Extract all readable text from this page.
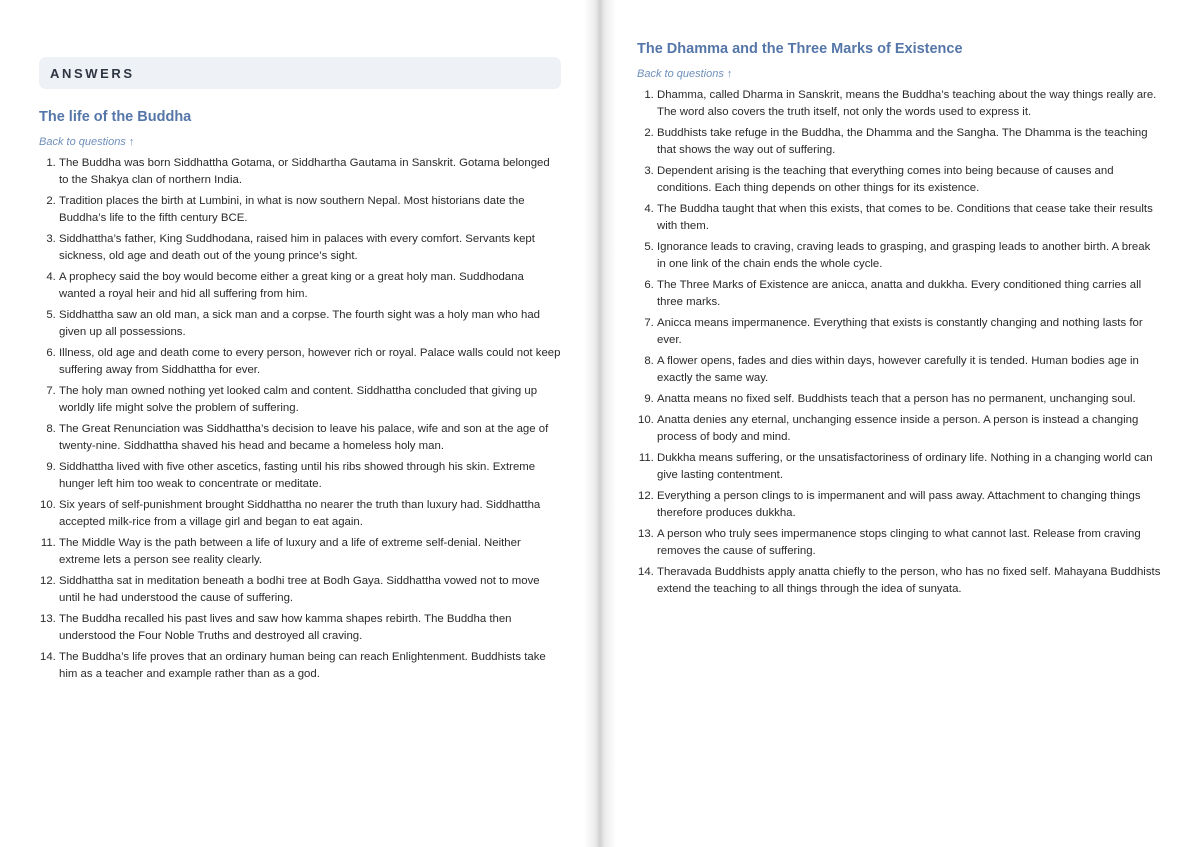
ANSWERS
The life of the Buddha
Back to questions ↑
1. The Buddha was born Siddhattha Gotama, or Siddhartha Gautama in Sanskrit. Gotama belonged to the Shakya clan of northern India.
2. Tradition places the birth at Lumbini, in what is now southern Nepal. Most historians date the Buddha’s life to the fifth century BCE.
3. Siddhattha’s father, King Suddhodana, raised him in palaces with every comfort. Servants kept sickness, old age and death out of the young prince’s sight.
4. A prophecy said the boy would become either a great king or a great holy man. Suddhodana wanted a royal heir and hid all suffering from him.
5. Siddhattha saw an old man, a sick man and a corpse. The fourth sight was a holy man who had given up all possessions.
6. Illness, old age and death come to every person, however rich or royal. Palace walls could not keep suffering away from Siddhattha for ever.
7. The holy man owned nothing yet looked calm and content. Siddhattha concluded that giving up worldly life might solve the problem of suffering.
8. The Great Renunciation was Siddhattha’s decision to leave his palace, wife and son at the age of twenty-nine. Siddhattha shaved his head and became a homeless holy man.
9. Siddhattha lived with five other ascetics, fasting until his ribs showed through his skin. Extreme hunger left him too weak to concentrate or meditate.
10. Six years of self-punishment brought Siddhattha no nearer the truth than luxury had. Siddhattha accepted milk-rice from a village girl and began to eat again.
11. The Middle Way is the path between a life of luxury and a life of extreme self-denial. Neither extreme lets a person see reality clearly.
12. Siddhattha sat in meditation beneath a bodhi tree at Bodh Gaya. Siddhattha vowed not to move until he had understood the cause of suffering.
13. The Buddha recalled his past lives and saw how kamma shapes rebirth. The Buddha then understood the Four Noble Truths and destroyed all craving.
14. The Buddha’s life proves that an ordinary human being can reach Enlightenment. Buddhists take him as a teacher and example rather than as a god.
The Dhamma and the Three Marks of Existence
Back to questions ↑
1. Dhamma, called Dharma in Sanskrit, means the Buddha’s teaching about the way things really are. The word also covers the truth itself, not only the words used to express it.
2. Buddhists take refuge in the Buddha, the Dhamma and the Sangha. The Dhamma is the teaching that shows the way out of suffering.
3. Dependent arising is the teaching that everything comes into being because of causes and conditions. Each thing depends on other things for its existence.
4. The Buddha taught that when this exists, that comes to be. Conditions that cease take their results with them.
5. Ignorance leads to craving, craving leads to grasping, and grasping leads to another birth. A break in one link of the chain ends the whole cycle.
6. The Three Marks of Existence are anicca, anatta and dukkha. Every conditioned thing carries all three marks.
7. Anicca means impermanence. Everything that exists is constantly changing and nothing lasts for ever.
8. A flower opens, fades and dies within days, however carefully it is tended. Human bodies age in exactly the same way.
9. Anatta means no fixed self. Buddhists teach that a person has no permanent, unchanging soul.
10. Anatta denies any eternal, unchanging essence inside a person. A person is instead a changing process of body and mind.
11. Dukkha means suffering, or the unsatisfactoriness of ordinary life. Nothing in a changing world can give lasting contentment.
12. Everything a person clings to is impermanent and will pass away. Attachment to changing things therefore produces dukkha.
13. A person who truly sees impermanence stops clinging to what cannot last. Release from craving removes the cause of suffering.
14. Theravada Buddhists apply anatta chiefly to the person, who has no fixed self. Mahayana Buddhists extend the teaching to all things through the idea of sunyata.
